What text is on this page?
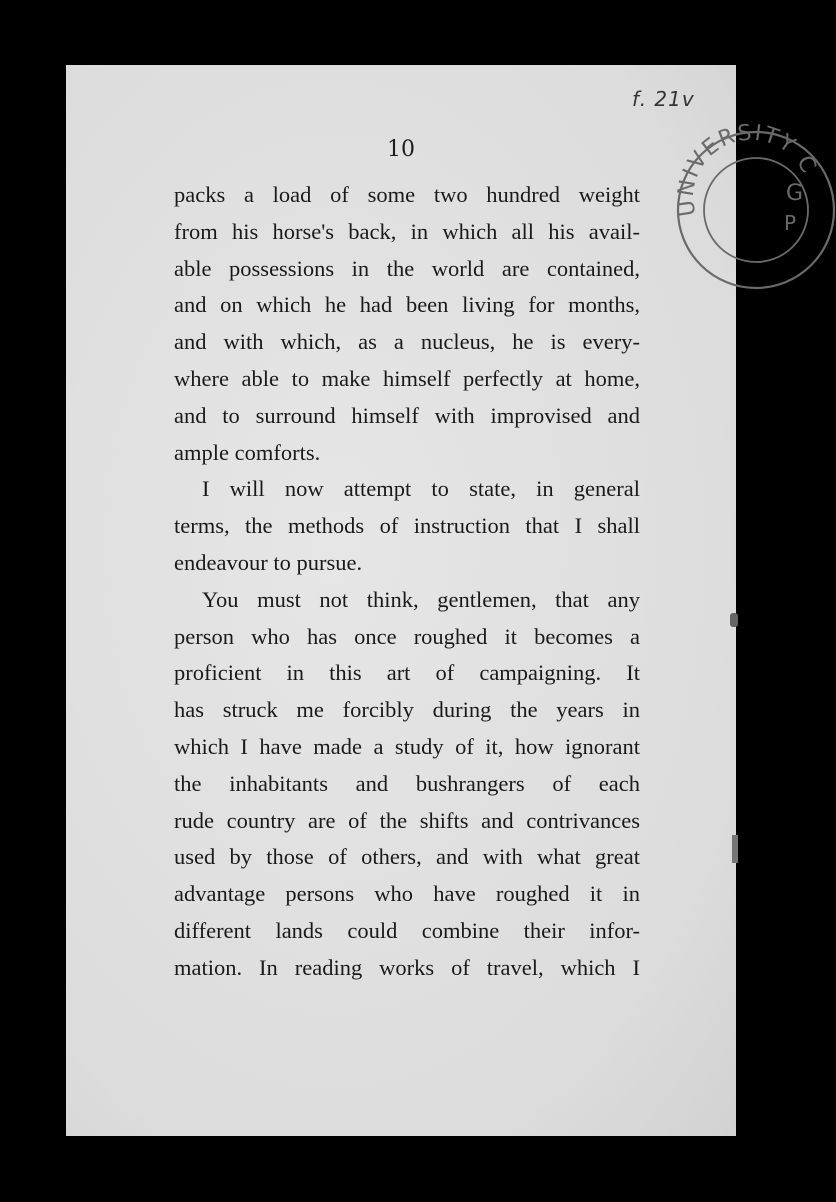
f. 21v
UNIVERSITY C
G
P
10
packs a load of some two hundred weight
from his horse's back, in which all his avail-
able possessions in the world are contained,
and on which he had been living for months,
and with which, as a nucleus, he is every-
where able to make himself perfectly at home,
and to surround himself with improvised and
ample comforts.
I will now attempt to state, in general
terms, the methods of instruction that I shall
endeavour to pursue.
You must not think, gentlemen, that any
person who has once roughed it becomes a
proficient in this art of campaigning. It
has struck me forcibly during the years in
which I have made a study of it, how ignorant
the inhabitants and bushrangers of each
rude country are of the shifts and contrivances
used by those of others, and with what great
advantage persons who have roughed it in
different lands could combine their infor-
mation. In reading works of travel, which I
